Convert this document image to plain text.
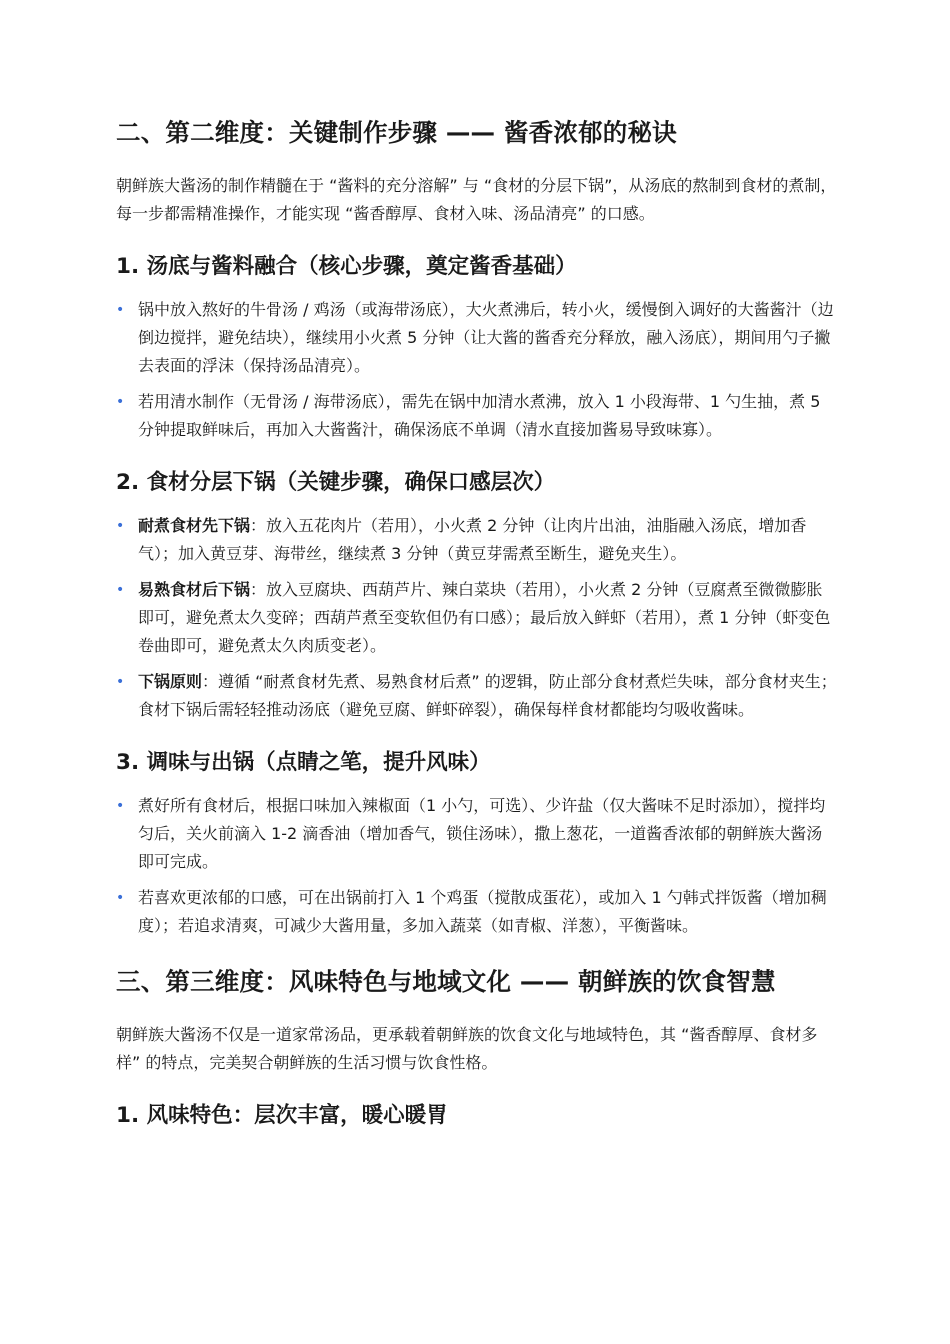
二、第二维度：关键制作步骤 —— 酱香浓郁的秘诀

朝鲜族大酱汤的制作精髓在于 “酱料的充分溶解” 与 “食材的分层下锅”，从汤底的熬制到食材的煮制，每一步都需精准操作，才能实现 “酱香醇厚、食材入味、汤品清亮” 的口感。

1. 汤底与酱料融合（核心步骤，奠定酱香基础）
• 锅中放入熬好的牛骨汤 / 鸡汤（或海带汤底），大火煮沸后，转小火，缓慢倒入调好的大酱酱汁（边倒边搅拌，避免结块），继续用小火煮 5 分钟（让大酱的酱香充分释放，融入汤底），期间用勺子撇去表面的浮沫（保持汤品清亮）。
• 若用清水制作（无骨汤 / 海带汤底），需先在锅中加清水煮沸，放入 1 小段海带、1 勺生抽，煮 5 分钟提取鲜味后，再加入大酱酱汁，确保汤底不单调（清水直接加酱易导致味寡）。
2. 食材分层下锅（关键步骤，确保口感层次）
• 耐煮食材先下锅：放入五花肉片（若用），小火煮 2 分钟（让肉片出油，油脂融入汤底，增加香气）；加入黄豆芽、海带丝，继续煮 3 分钟（黄豆芽需煮至断生，避免夹生）。
• 易熟食材后下锅：放入豆腐块、西葫芦片、辣白菜块（若用），小火煮 2 分钟（豆腐煮至微微膨胀即可，避免煮太久变碎；西葫芦煮至变软但仍有口感）；最后放入鲜虾（若用），煮 1 分钟（虾变色卷曲即可，避免煮太久肉质变老）。
• 下锅原则：遵循 “耐煮食材先煮、易熟食材后煮” 的逻辑，防止部分食材煮烂失味，部分食材夹生；食材下锅后需轻轻推动汤底（避免豆腐、鲜虾碎裂），确保每样食材都能均匀吸收酱味。
3. 调味与出锅（点睛之笔，提升风味）
• 煮好所有食材后，根据口味加入辣椒面（1 小勺，可选）、少许盐（仅大酱味不足时添加），搅拌均匀后，关火前滴入 1-2 滴香油（增加香气，锁住汤味），撒上葱花，一道酱香浓郁的朝鲜族大酱汤即可完成。
• 若喜欢更浓郁的口感，可在出锅前打入 1 个鸡蛋（搅散成蛋花），或加入 1 勺韩式拌饭酱（增加稠度）；若追求清爽，可减少大酱用量，多加入蔬菜（如青椒、洋葱），平衡酱味。
三、第三维度：风味特色与地域文化 —— 朝鲜族的饮食智慧

朝鲜族大酱汤不仅是一道家常汤品，更承载着朝鲜族的饮食文化与地域特色，其 “酱香醇厚、食材多样” 的特点，完美契合朝鲜族的生活习惯与饮食性格。

1. 风味特色：层次丰富，暖心暖胃
